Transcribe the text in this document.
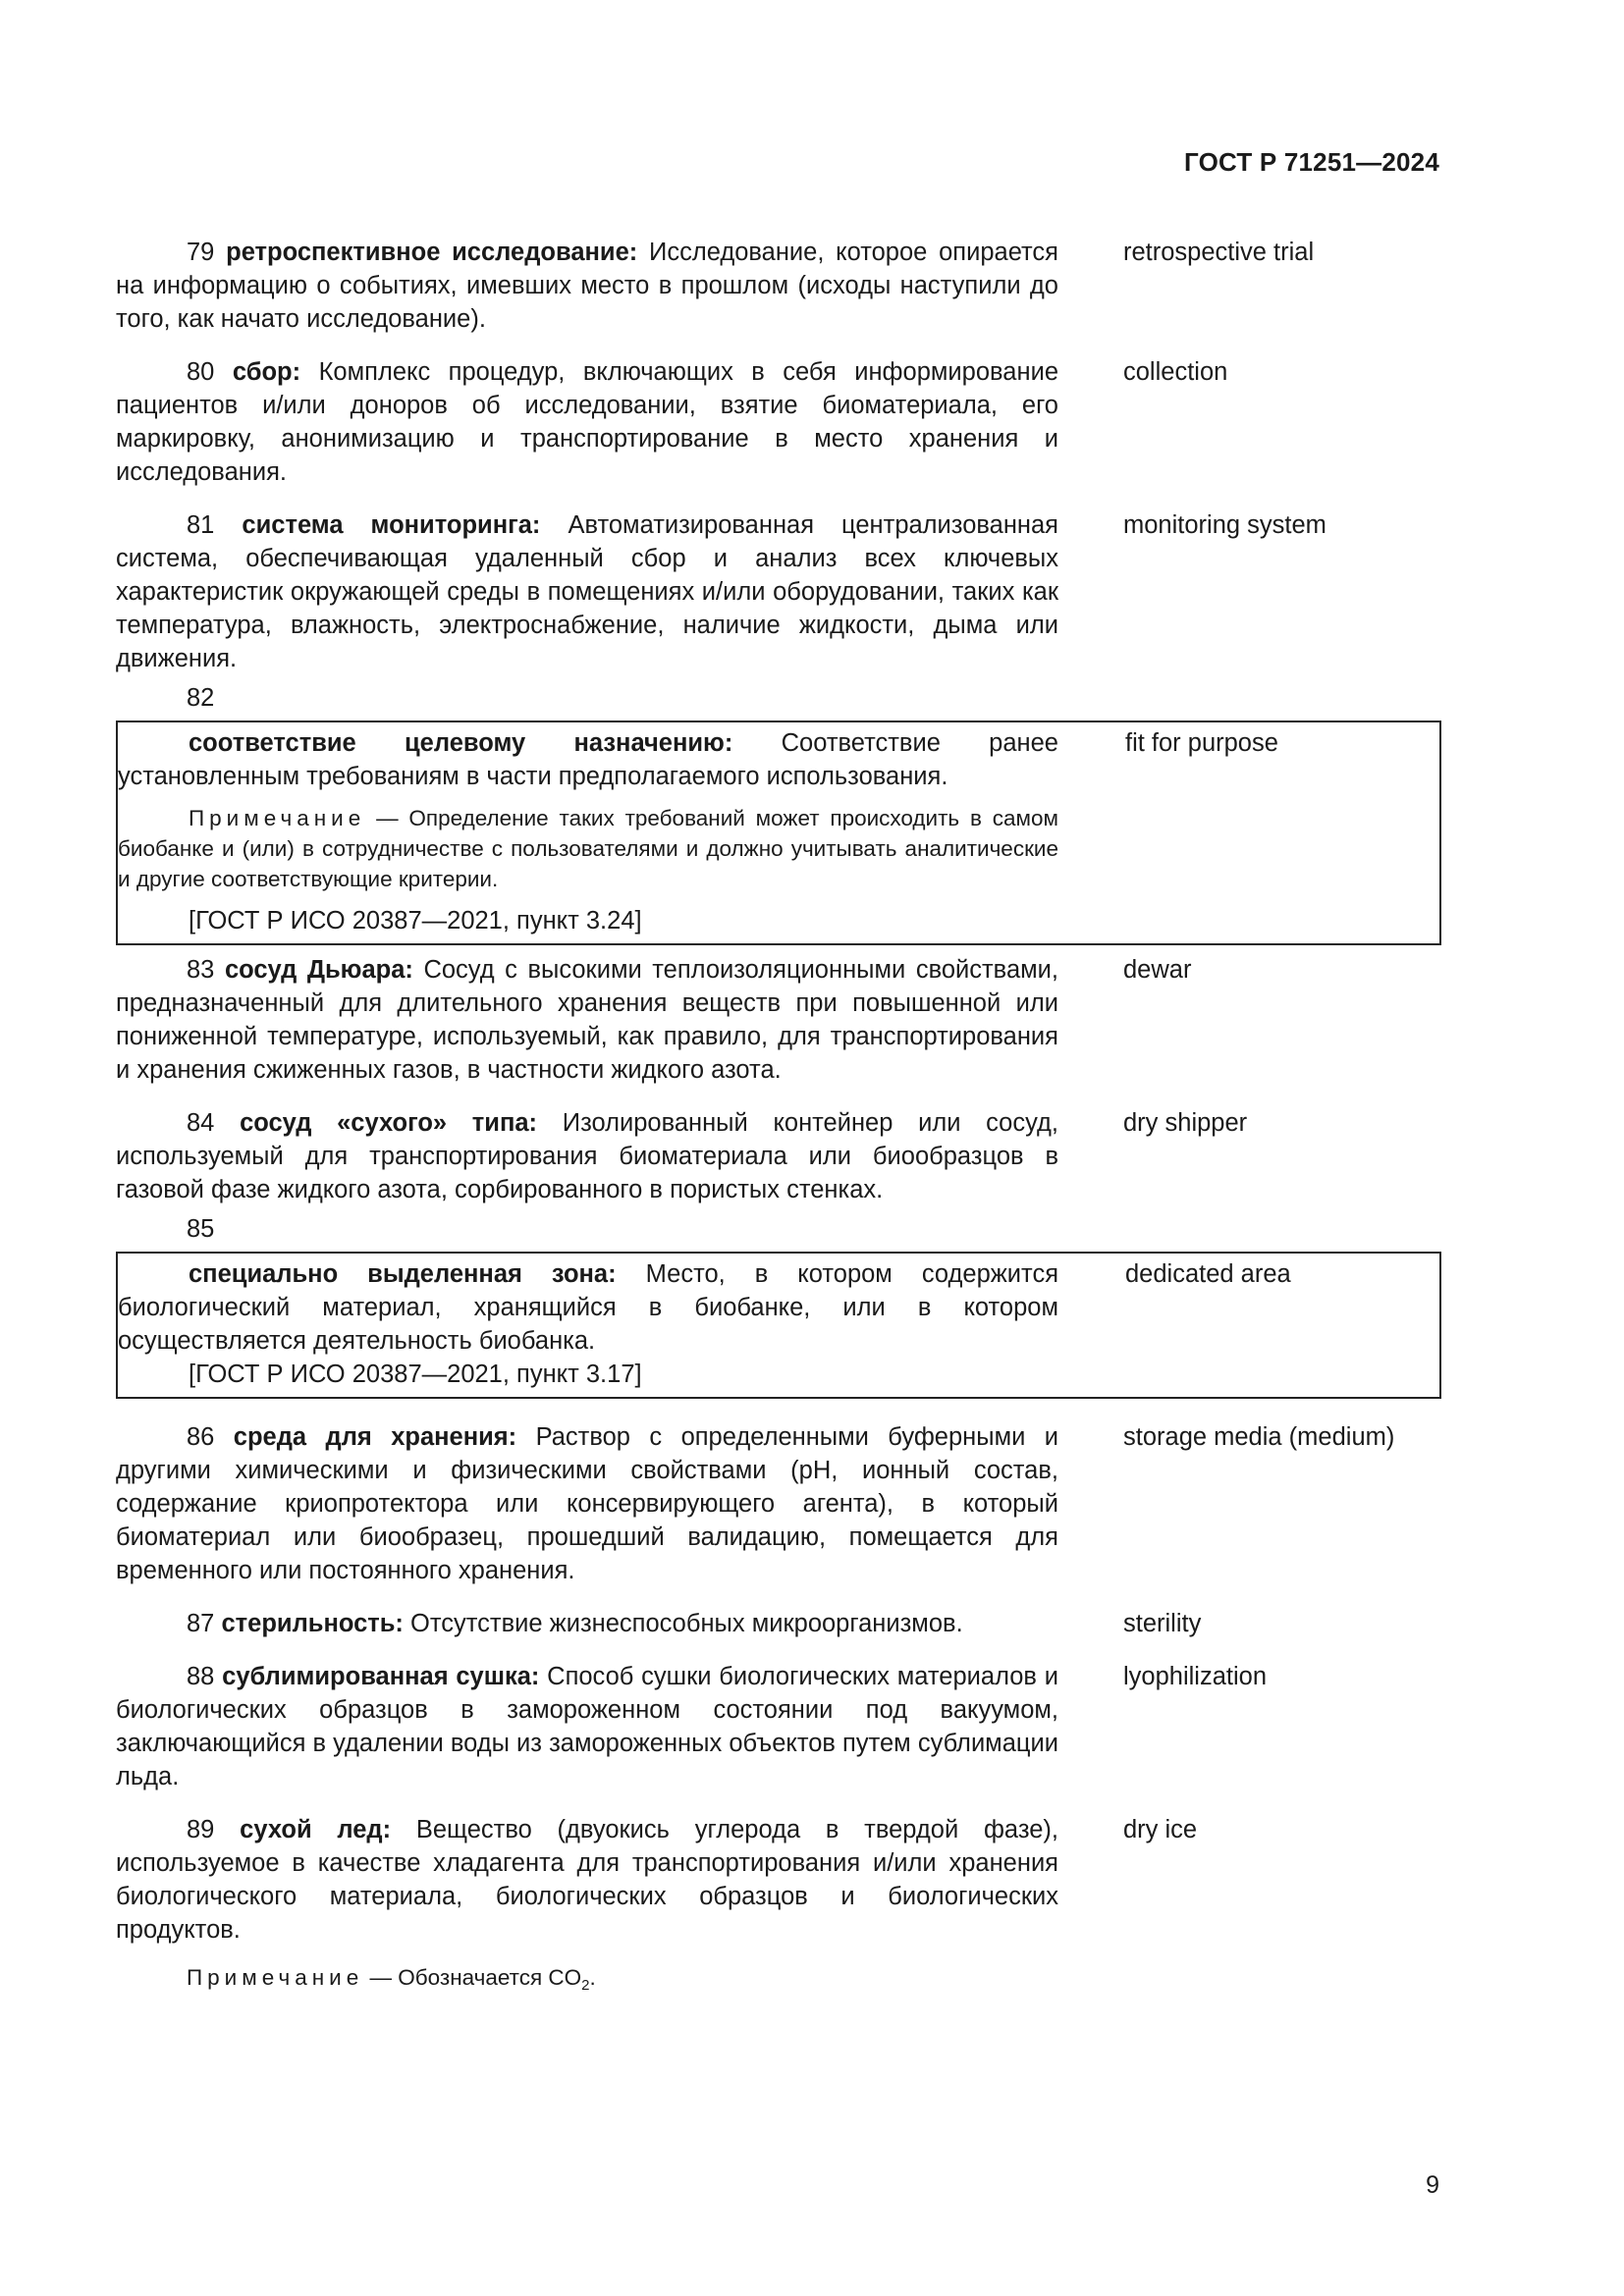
ГОСТ Р 71251—2024

79 ретроспективное исследование: Исследование, которое опирается на информацию о событиях, имевших место в прошлом (исходы наступили до того, как начато исследование).

retrospective trial

80 сбор: Комплекс процедур, включающих в себя информирование пациентов и/или доноров об исследовании, взятие биоматериала, его маркировку, анонимизацию и транспортирование в место хранения и исследования.

collection

81 система мониторинга: Автоматизированная централизованная система, обеспечивающая удаленный сбор и анализ всех ключевых характеристик окружающей среды в помещениях и/или оборудовании, таких как температура, влажность, электроснабжение, наличие жидкости, дыма или движения.

monitoring system
82

соответствие целевому назначению: Соответствие ранее установленным требованиям в части предполагаемого использования.

fit for purpose

Примечание — Определение таких требований может происходить в самом биобанке и (или) в сотрудничестве с пользователями и должно учитывать аналитические и другие соответствующие критерии.

[ГОСТ Р ИСО 20387—2021, пункт 3.24]

83 сосуд Дьюара: Сосуд с высокими теплоизоляционными свойствами, предназначенный для длительного хранения веществ при повышенной или пониженной температуре, используемый, как правило, для транспортирования и хранения сжиженных газов, в частности жидкого азота.

dewar

84 сосуд «сухого» типа: Изолированный контейнер или сосуд, используемый для транспортирования биоматериала или биообразцов в газовой фазе жидкого азота, сорбированного в пористых стенках.

dry shipper
85

специально выделенная зона: Место, в котором содержится биологический материал, хранящийся в биобанке, или в котором осуществляется деятельность биобанка.

dedicated area
[ГОСТ Р ИСО 20387—2021, пункт 3.17]

86 среда для хранения: Раствор с определенными буферными и другими химическими и физическими свойствами (pH, ионный состав, содержание криопротектора или консервирующего агента), в который биоматериал или биообразец, прошедший валидацию, помещается для временного или постоянного хранения.

storage media (medium)

87 стерильность: Отсутствие жизнеспособных микроорганизмов.	sterility

88 сублимированная сушка: Способ сушки биологических материалов и биологических образцов в замороженном состоянии под вакуумом, заключающийся в удалении воды из замороженных объектов путем сублимации льда.

lyophilization

89 сухой лед: Вещество (двуокись углерода в твердой фазе), используемое в качестве хладагента для транспортирования и/или хранения биологического материала, биологических образцов и биологических продуктов.

dry ice
Примечание — Обозначается $CO_2$.
9
